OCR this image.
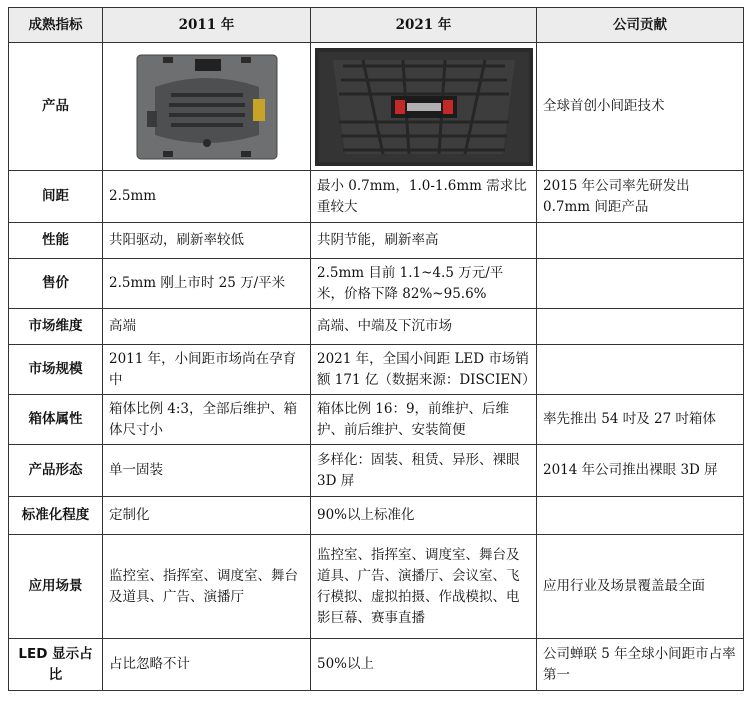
成熟指标	2011 年	2021 年	公司贡献
产品			全球首创小间距技术
间距	2.5mm	最小 0.7mm，1.0-1.6mm 需求比重较大	2015 年公司率先研发出 0.7mm 间距产品
性能	共阳驱动，刷新率较低	共阴节能，刷新率高	
售价	2.5mm 刚上市时 25 万/平米	2.5mm 目前 1.1~4.5 万元/平米，价格下降 82%~95.6%	
市场维度	高端	高端、中端及下沉市场	
市场规模	2011 年，小间距市场尚在孕育中	2021 年，全国小间距 LED 市场销额 171 亿（数据来源：DISCIEN）	
箱体属性	箱体比例 4:3，全部后维护、箱体尺寸小	箱体比例 16：9，前维护、后维护、前后维护、安装简便	率先推出 54 吋及 27 吋箱体
产品形态	单一固装	多样化：固装、租赁、异形、裸眼 3D 屏	2014 年公司推出裸眼 3D 屏
标准化程度	定制化	90%以上标准化	
应用场景	监控室、指挥室、调度室、舞台及道具、广告、演播厅	监控室、指挥室、调度室、舞台及道具、广告、演播厅、会议室、飞行模拟、虚拟拍摄、作战模拟、电影巨幕、赛事直播	应用行业及场景覆盖最全面
LED 显示占比	占比忽略不计	50%以上	公司蝉联 5 年全球小间距市占率第一
